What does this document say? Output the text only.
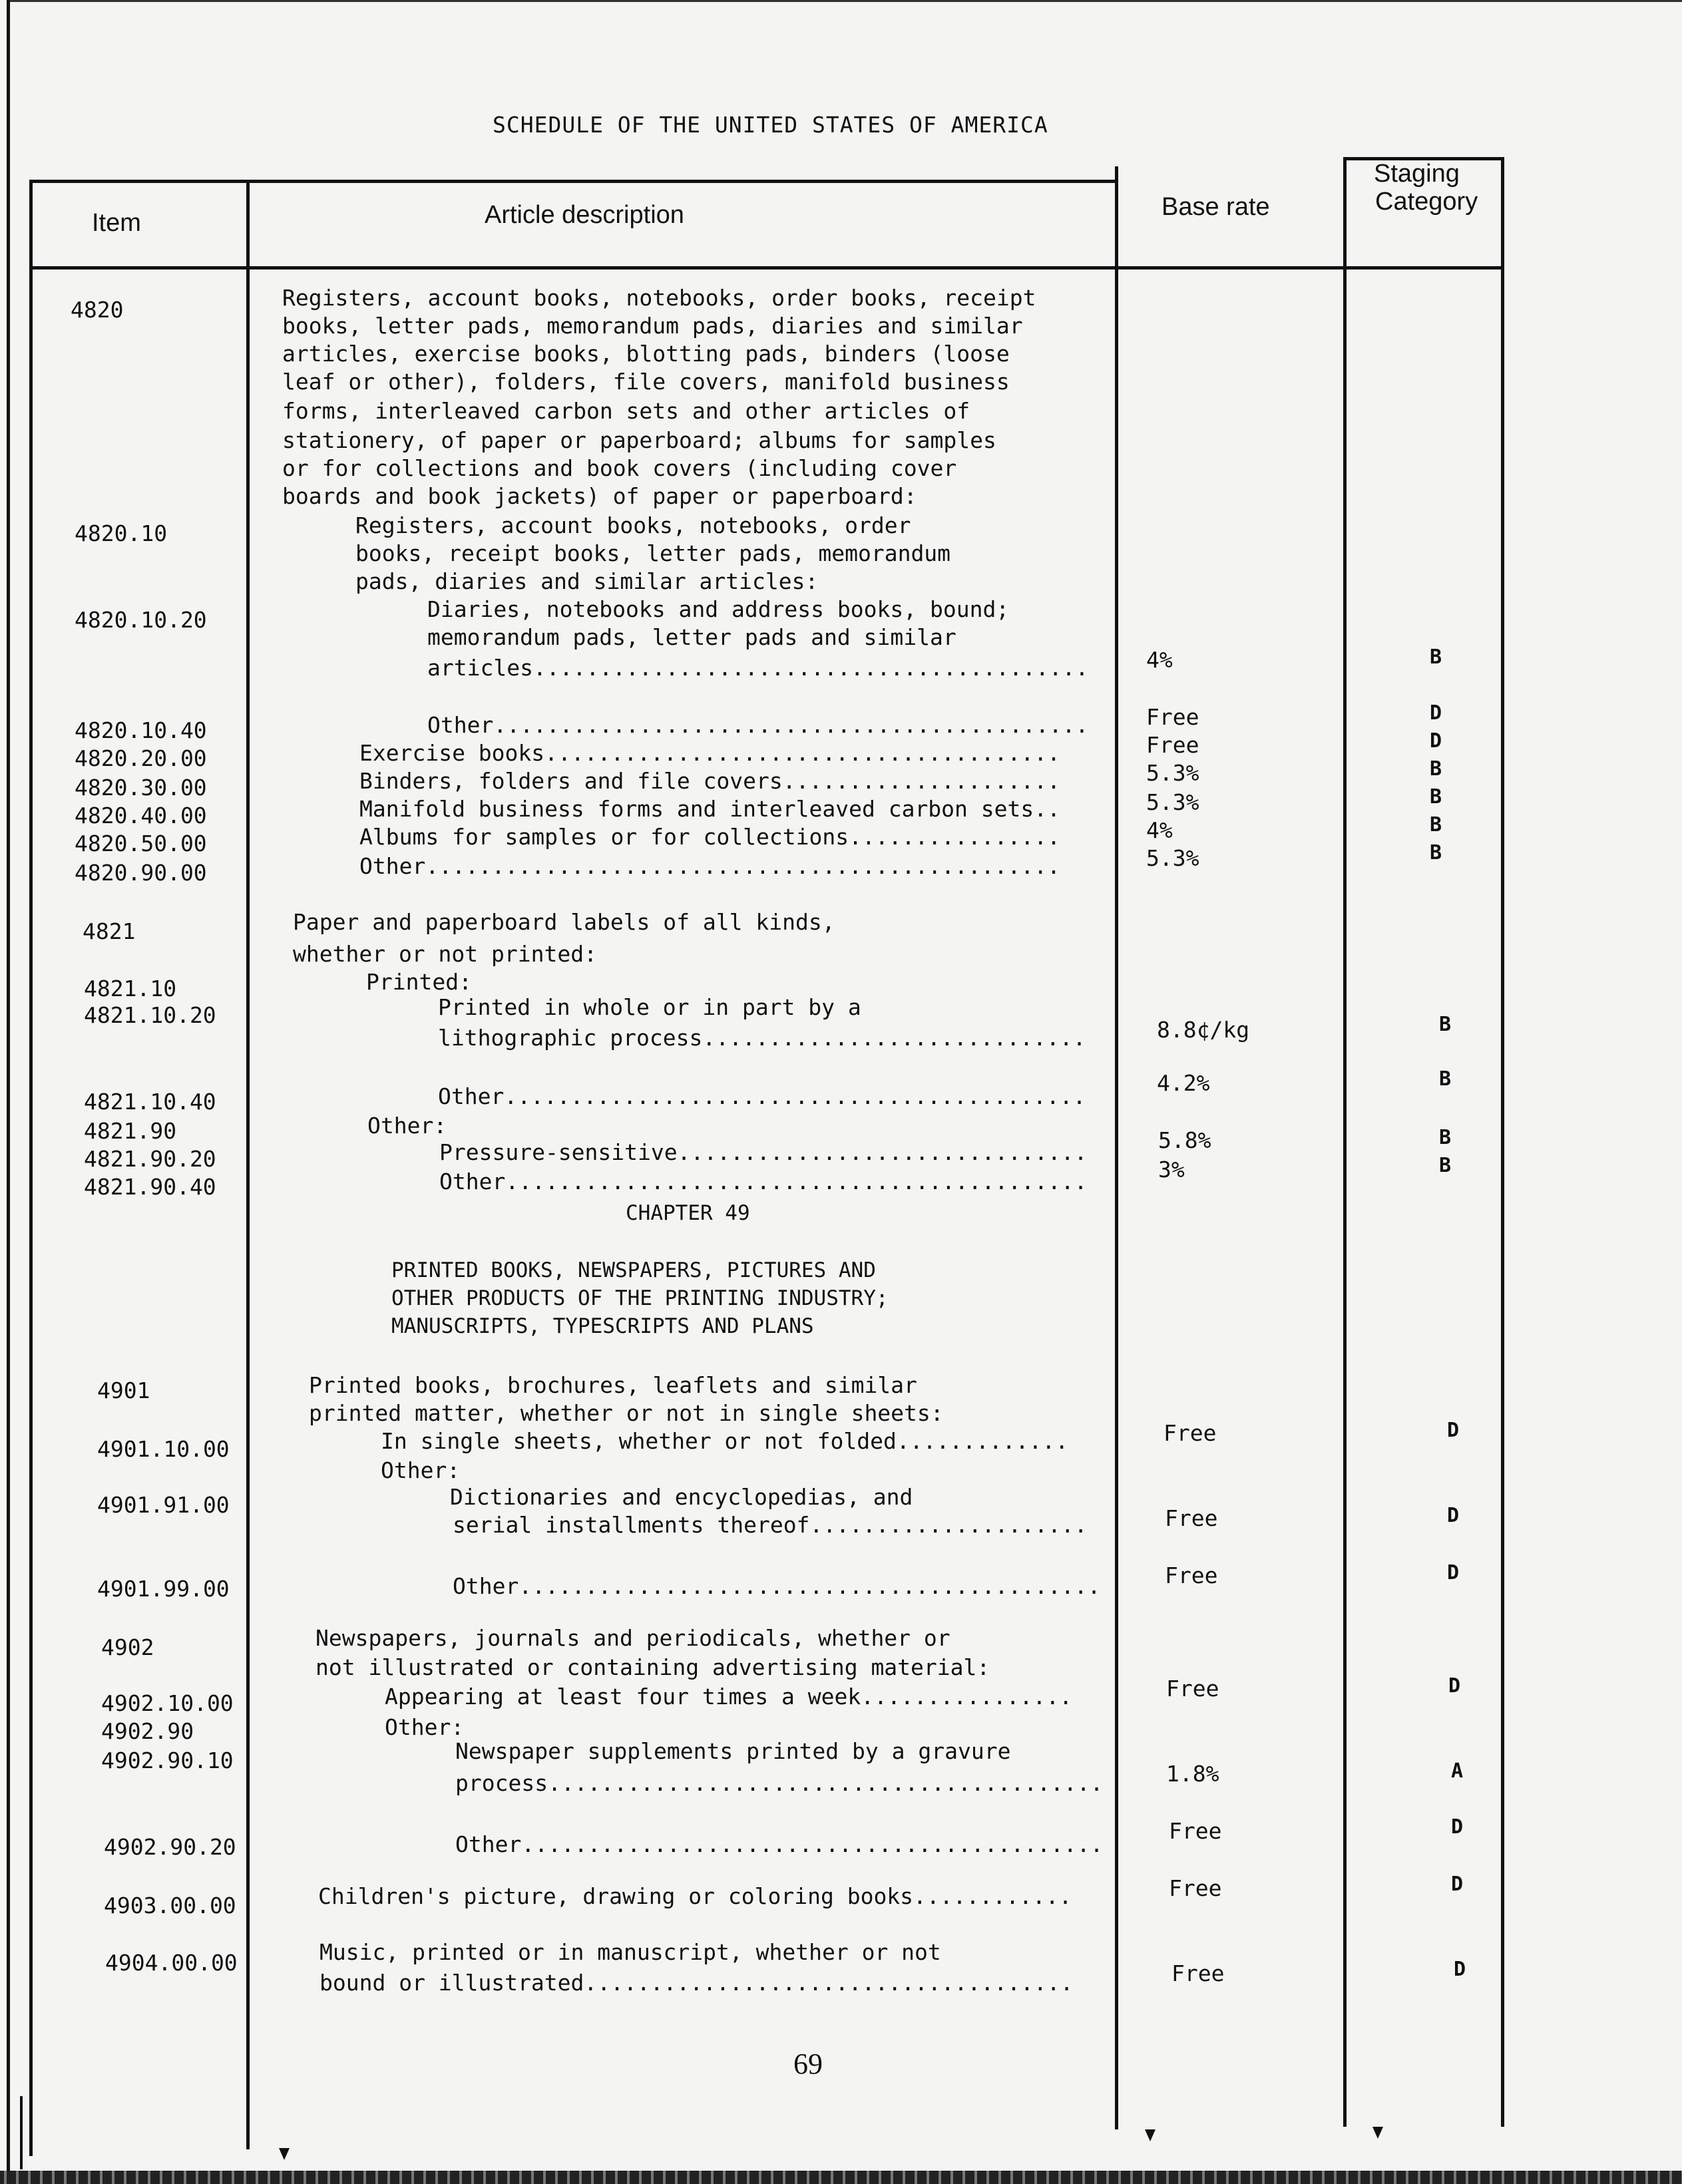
SCHEDULE OF THE UNITED STATES OF AMERICA
Item	Article description	Base rate
Staging
Category
4820
4820.10
4820.10.20
4820.10.40
4820.20.00
4820.30.00
4820.40.00
4820.50.00
4820.90.00
4821
4821.10
4821.10.20
4821.10.40
4821.90
4821.90.20
4821.90.40
4901
4901.10.00
4901.91.00
4901.99.00
4902
4902.10.00
4902.90
4902.90.10
4902.90.20
4903.00.00
4904.00.00
Registers, account books, notebooks, order books, receipt
books, letter pads, memorandum pads, diaries and similar
articles, exercise books, blotting pads, binders (loose
leaf or other), folders, file covers, manifold business
forms, interleaved carbon sets and other articles of
stationery, of paper or paperboard; albums for samples
or for collections and book covers (including cover
boards and book jackets) of paper or paperboard:
Registers, account books, notebooks, order
books, receipt books, letter pads, memorandum
pads, diaries and similar articles:
Diaries, notebooks and address books, bound;
memorandum pads, letter pads and similar
articles..........................................
Other.............................................
Exercise books.......................................
Binders, folders and file covers.....................
Manifold business forms and interleaved carbon sets..
Albums for samples or for collections................
Other................................................
Paper and paperboard labels of all kinds,
whether or not printed:
Printed:
Printed in whole or in part by a
lithographic process.............................
Other............................................
Other:
Pressure-sensitive...............................
Other............................................
CHAPTER 49
PRINTED BOOKS, NEWSPAPERS, PICTURES AND
OTHER PRODUCTS OF THE PRINTING INDUSTRY;
MANUSCRIPTS, TYPESCRIPTS AND PLANS
Printed books, brochures, leaflets and similar
printed matter, whether or not in single sheets:
In single sheets, whether or not folded.............
Other:
Dictionaries and encyclopedias, and
serial installments thereof.....................
Other............................................
Newspapers, journals and periodicals, whether or
not illustrated or containing advertising material:
Appearing at least four times a week................
Other:
Newspaper supplements printed by a gravure
process..........................................
Other............................................
Children's picture, drawing or coloring books............
Music, printed or in manuscript, whether or not
bound or illustrated.....................................
4%
Free
Free
5.3%
5.3%
4%
5.3%
8.8¢/kg
4.2%
5.8%
3%
Free
Free
Free
Free
1.8%
Free
Free
Free
B
D
D
B
B
B
B
B
B
B
B
D
D
D
D
A
D
D
D
69
